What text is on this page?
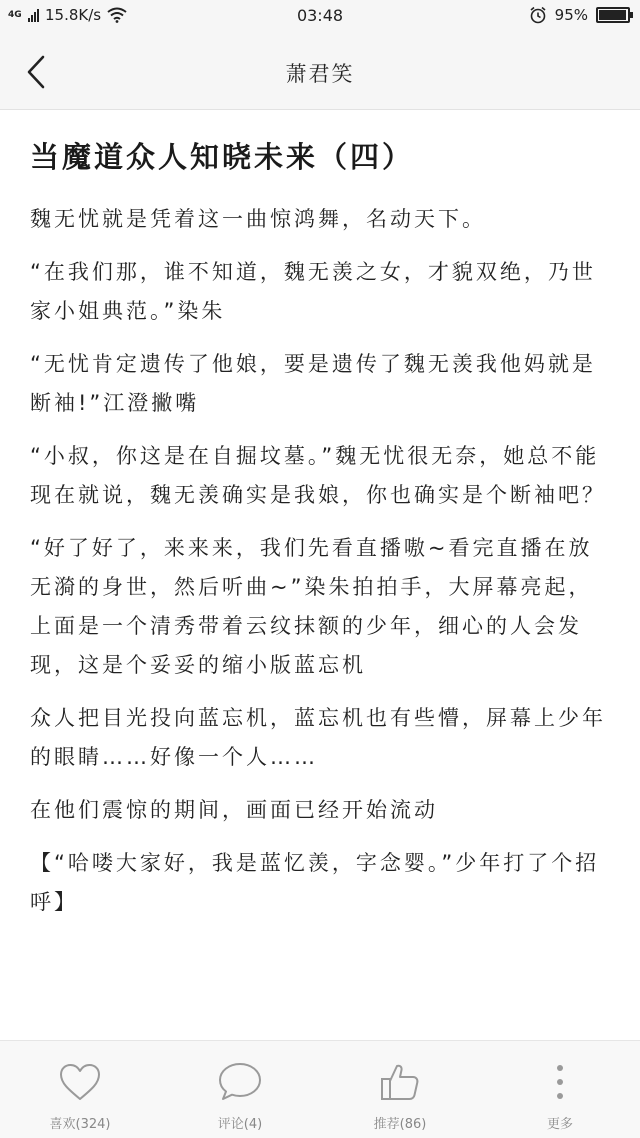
4G 15.8K/s	03:48	95%
萧君笑
当魔道众人知晓未来（四）

魏无忧就是凭着这一曲惊鸿舞，名动天下。

“在我们那，谁不知道，魏无羡之女，才貌双绝，乃世家小姐典范。”染朱

“无忧肯定遗传了他娘，要是遗传了魏无羡我他妈就是断袖!”江澄撇嘴

“小叔，你这是在自掘坟墓。”魏无忧很无奈，她总不能现在就说，魏无羡确实是我娘，你也确实是个断袖吧？

“好了好了，来来来，我们先看直播嗷~看完直播在放无漪的身世，然后听曲~”染朱拍拍手，大屏幕亮起，上面是一个清秀带着云纹抹额的少年，细心的人会发现，这是个妥妥的缩小版蓝忘机

众人把目光投向蓝忘机，蓝忘机也有些懵，屏幕上少年的眼睛……好像一个人……

在他们震惊的期间，画面已经开始流动

【“哈喽大家好，我是蓝忆羡，字念婴。”少年打了个招呼】

喜欢(324)	评论(4)	推荐(86)	更多
